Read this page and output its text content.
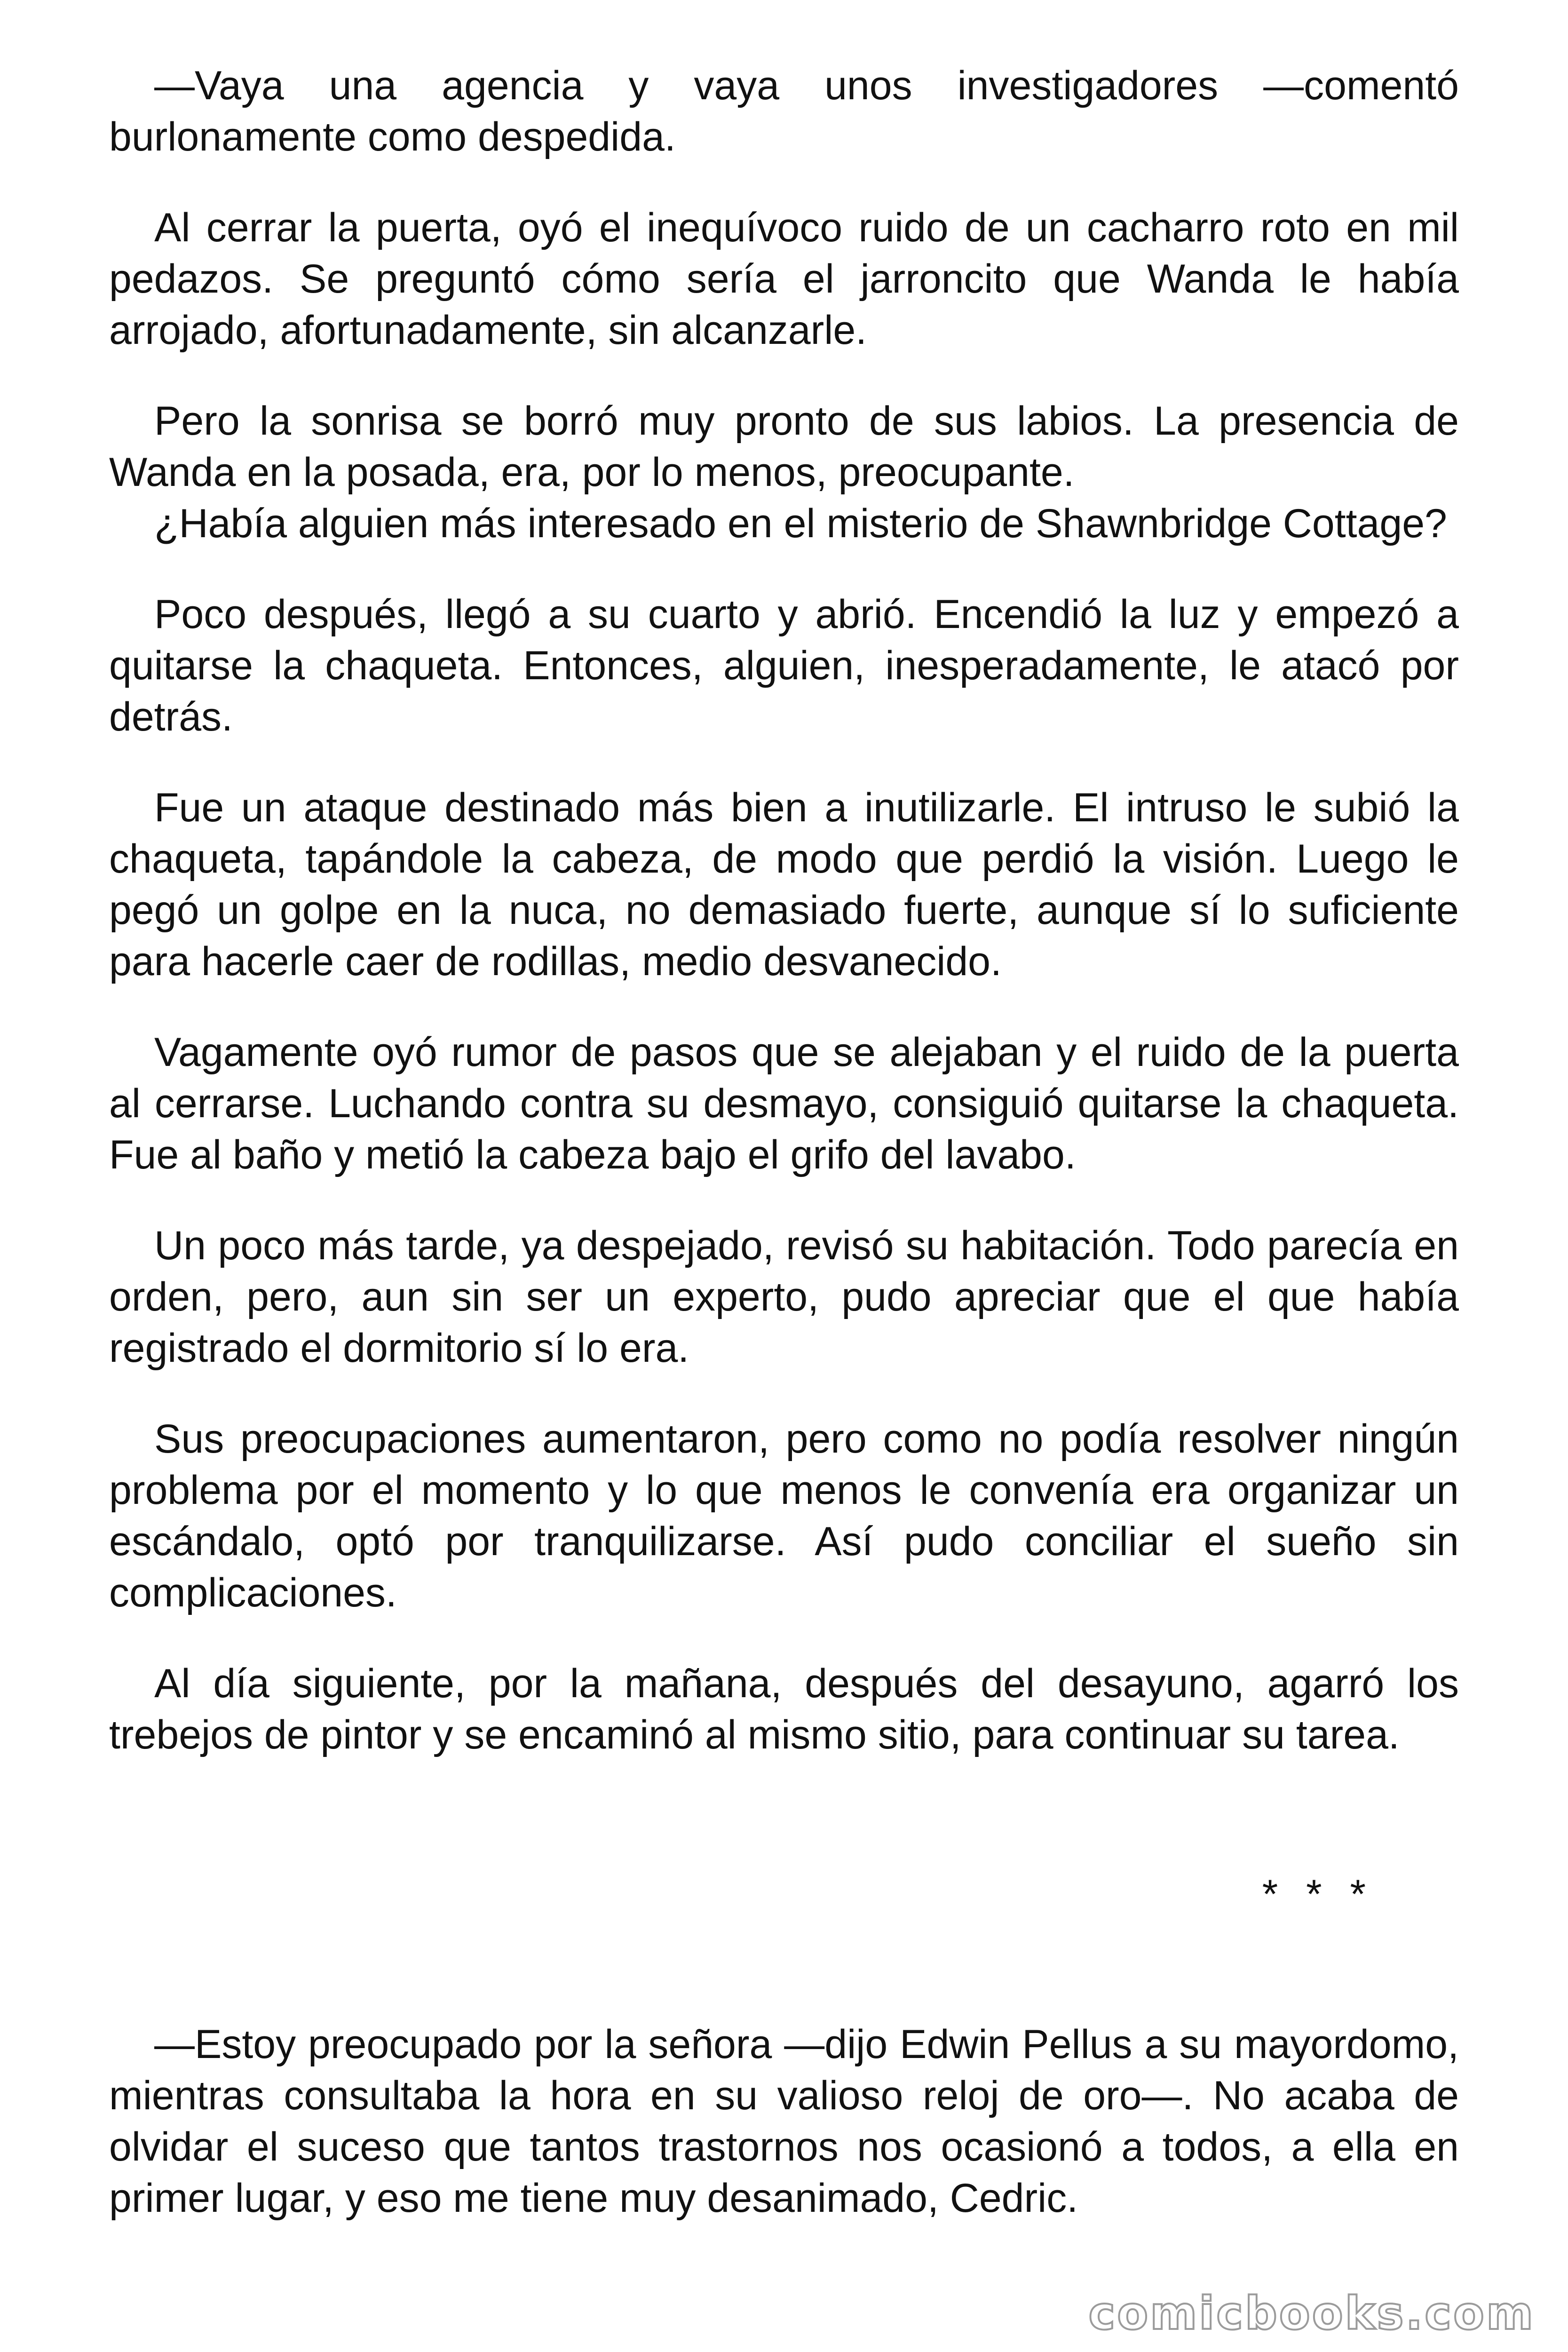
—Vaya una agencia y vaya unos investigadores —comentó burlonamente como despedida.

Al cerrar la puerta, oyó el inequívoco ruido de un cacharro roto en mil pedazos. Se preguntó cómo sería el jarroncito que Wanda le había arrojado, afortunadamente, sin alcanzarle.

Pero la sonrisa se borró muy pronto de sus labios. La presencia de Wanda en la posada, era, por lo menos, preocupante.

¿Había alguien más interesado en el misterio de Shawnbridge Cottage?

Poco después, llegó a su cuarto y abrió. Encendió la luz y empezó a quitarse la chaqueta. Entonces, alguien, inesperadamente, le atacó por detrás.

Fue un ataque destinado más bien a inutilizarle. El intruso le subió la chaqueta, tapándole la cabeza, de modo que perdió la visión. Luego le pegó un golpe en la nuca, no demasiado fuerte, aunque sí lo suficiente para hacerle caer de rodillas, medio desvanecido.

Vagamente oyó rumor de pasos que se alejaban y el ruido de la puerta al cerrarse. Luchando contra su desmayo, consiguió quitarse la chaqueta. Fue al baño y metió la cabeza bajo el grifo del lavabo.

Un poco más tarde, ya despejado, revisó su habitación. Todo parecía en orden, pero, aun sin ser un experto, pudo apreciar que el que había registrado el dormitorio sí lo era.

Sus preocupaciones aumentaron, pero como no podía resolver ningún problema por el momento y lo que menos le convenía era organizar un escándalo, optó por tranquilizarse. Así pudo conciliar el sueño sin complicaciones.

Al día siguiente, por la mañana, después del desayuno, agarró los trebejos de pintor y se encaminó al mismo sitio, para continuar su tarea.

* * *

—Estoy preocupado por la señora —dijo Edwin Pellus a su mayordomo, mientras consultaba la hora en su valioso reloj de oro—. No acaba de olvidar el suceso que tantos trastornos nos ocasionó a todos, a ella en primer lugar, y eso me tiene muy desanimado, Cedric.

comicbooks.com
